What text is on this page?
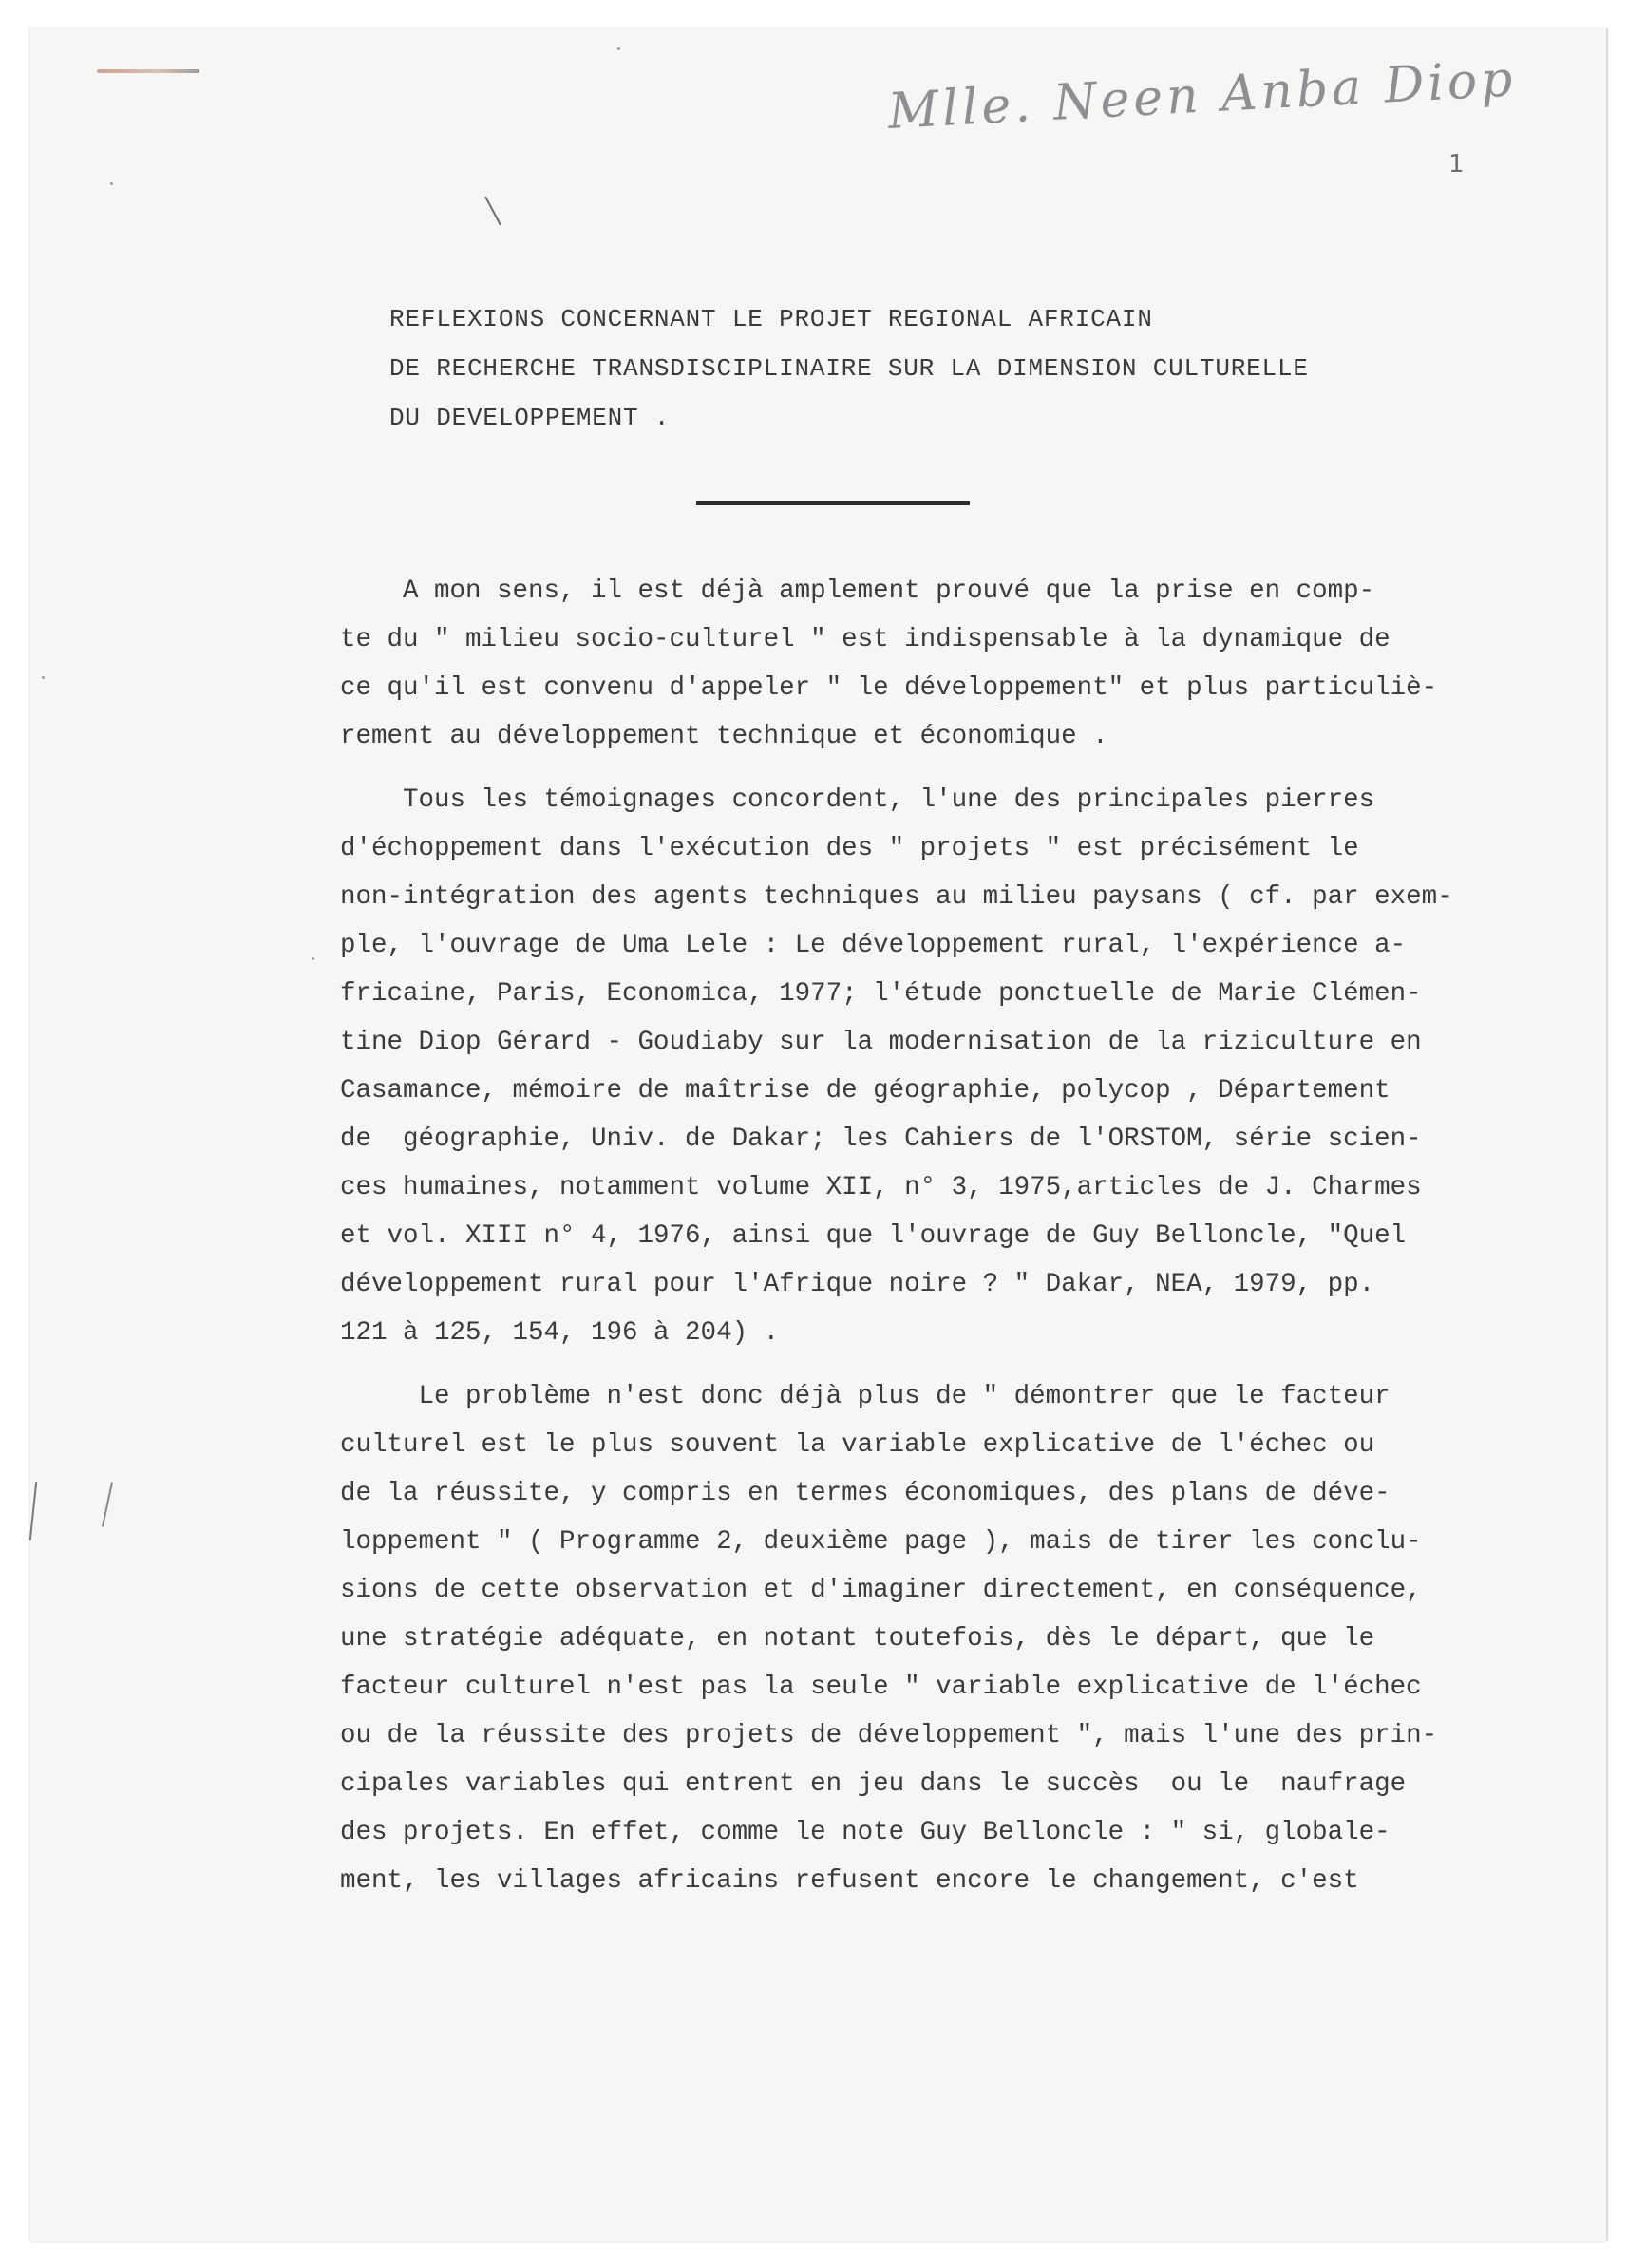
Mlle. Neen Anba Diop
1
REFLEXIONS CONCERNANT LE PROJET REGIONAL AFRICAIN
DE RECHERCHE TRANSDISCIPLINAIRE SUR LA DIMENSION CULTURELLE
DU DEVELOPPEMENT .

A mon sens, il est déjà amplement prouvé que la prise en comp-
te du " milieu socio-culturel " est indispensable à la dynamique de
ce qu'il est convenu d'appeler " le développement" et plus particuliè-
rement au développement technique et économique .

Tous les témoignages concordent, l'une des principales pierres
d'échoppement dans l'exécution des " projets " est précisément le
non-intégration des agents techniques au milieu paysans ( cf. par exem-
ple, l'ouvrage de Uma Lele : Le développement rural, l'expérience a-
fricaine, Paris, Economica, 1977; l'étude ponctuelle de Marie Clémen-
tine Diop Gérard - Goudiaby sur la modernisation de la riziculture en
Casamance, mémoire de maîtrise de géographie, polycop , Département
de  géographie, Univ. de Dakar; les Cahiers de l'ORSTOM, série scien-
ces humaines, notamment volume XII, n° 3, 1975,articles de J. Charmes
et vol. XIII n° 4, 1976, ainsi que l'ouvrage de Guy Belloncle, "Quel
développement rural pour l'Afrique noire ? " Dakar, NEA, 1979, pp.
121 à 125, 154, 196 à 204) .

Le problème n'est donc déjà plus de " démontrer que le facteur
culturel est le plus souvent la variable explicative de l'échec ou
de la réussite, y compris en termes économiques, des plans de déve-
loppement " ( Programme 2, deuxième page ), mais de tirer les conclu-
sions de cette observation et d'imaginer directement, en conséquence,
une stratégie adéquate, en notant toutefois, dès le départ, que le
facteur culturel n'est pas la seule " variable explicative de l'échec
ou de la réussite des projets de développement ", mais l'une des prin-
cipales variables qui entrent en jeu dans le succès  ou le  naufrage
des projets. En effet, comme le note Guy Belloncle : " si, globale-
ment, les villages africains refusent encore le changement, c'est
